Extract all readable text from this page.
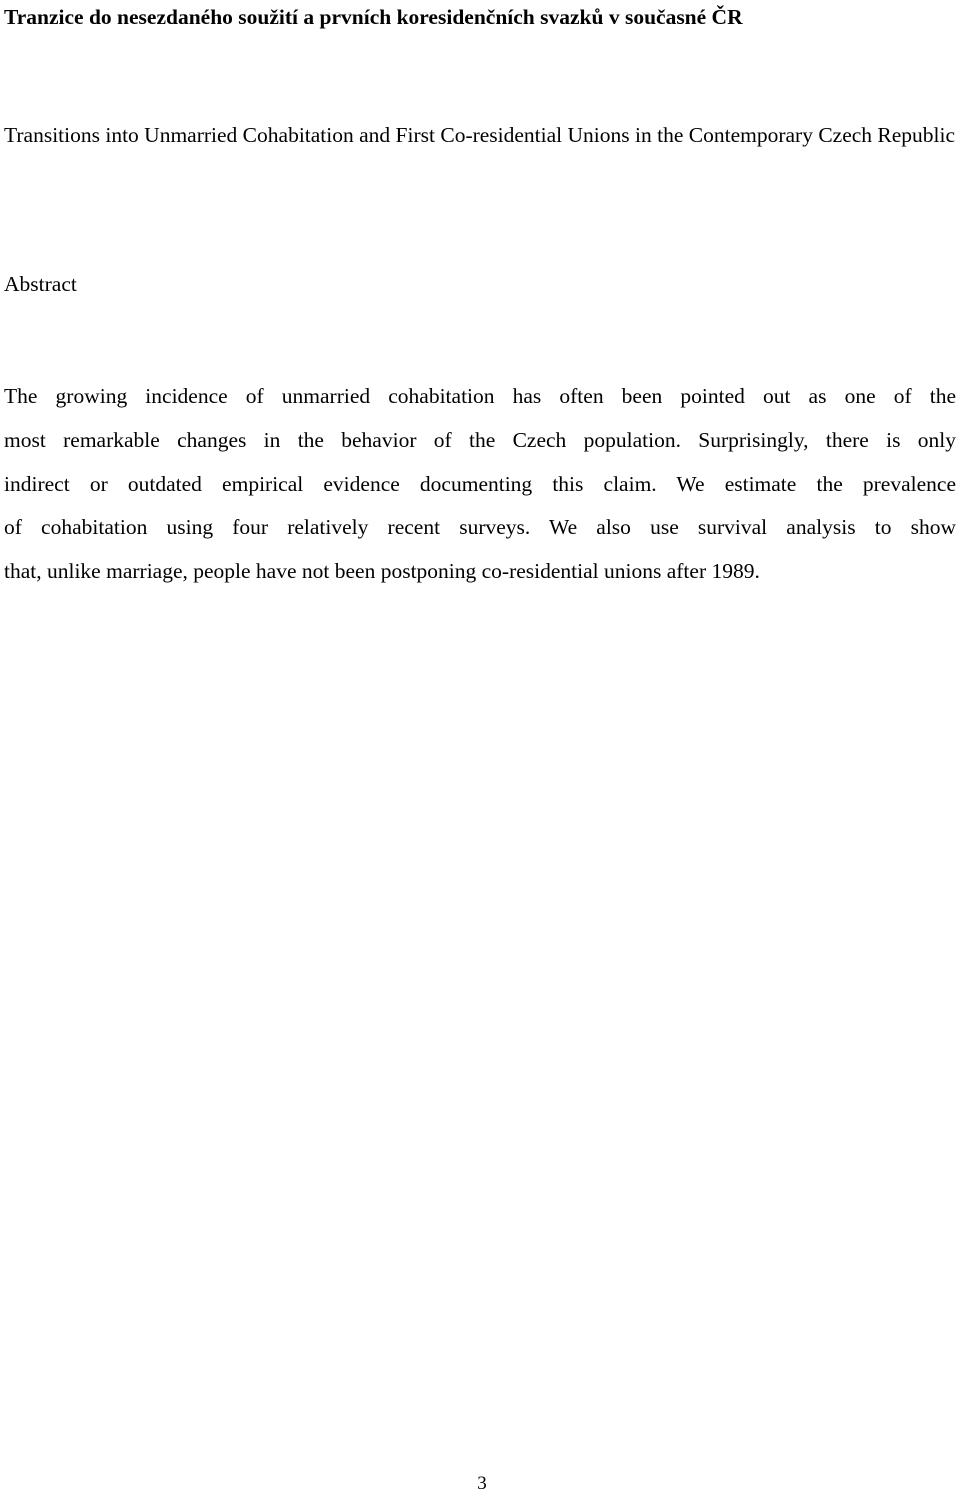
Tranzice do nesezdaného soužití a prvních koresidenčních svazků v současné ČR
Transitions into Unmarried Cohabitation and First Co-residential Unions in the Contemporary Czech Republic
Abstract
The growing incidence of unmarried cohabitation has often been pointed out as one of the
most remarkable changes in the behavior of the Czech population. Surprisingly, there is only
indirect or outdated empirical evidence documenting this claim. We estimate the prevalence
of cohabitation using four relatively recent surveys. We also use survival analysis to show
that, unlike marriage, people have not been postponing co-residential unions after 1989.
3
